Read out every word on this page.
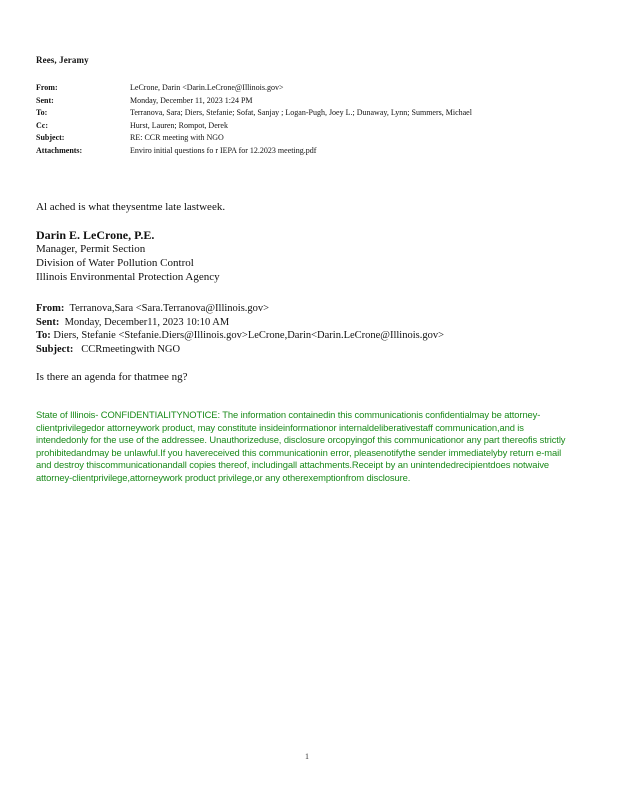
Rees, Jeramy
From:	LeCrone, Darin <Darin.LeCrone@Illinois.gov>
Sent:	Monday, December 11, 2023 1:24 PM
To:	Terranova, Sara; Diers, Stefanie; Sofat, Sanjay ; Logan-Pugh, Joey L.; Dunaway, Lynn; Summers, Michael
Cc:	Hurst, Lauren; Rompot, Derek
Subject:	RE: CCR meeting with NGO
Attachments:	Enviro initial questions fo r IEPA for 12.2023 meeting.pdf
Al ached is what theysentme late lastweek.
Darin E. LeCrone, P.E.
Manager, Permit Section
Division of Water Pollution Control
Illinois Environmental Protection Agency
From: Terranova,Sara <Sara.Terranova@Illinois.gov>
Sent: Monday, December11, 2023 10:10 AM
To: Diers, Stefanie <Stefanie.Diers@Illinois.gov>LeCrone,Darin<Darin.LeCrone@Illinois.gov>
Subject: CCRmeetingwith NGO
Is there an agenda for thatmee ng?
State of Illinois- CONFIDENTIALITYNOTICE: The information containedin this communicationis confidentialmay be attorney-clientprivilegedor attorneywork product, may constitute insideinformationor internaldeliberativestaff communication,and is intendedonly for the use of the addressee. Unauthorizeduse, disclosure orcopyingof this communicationor any part thereofis strictly prohibitedandmay be unlawful.If you havereceived this communicationin error, pleasenotifythe sender immediatelyby return e-mail and destroy thiscommunicationandall copies thereof, includingall attachments.Receipt by an unintendedrecipientdoes notwaive attorney-clientprivilege,attorneywork product privilege,or any otherexemptionfrom disclosure.
1
